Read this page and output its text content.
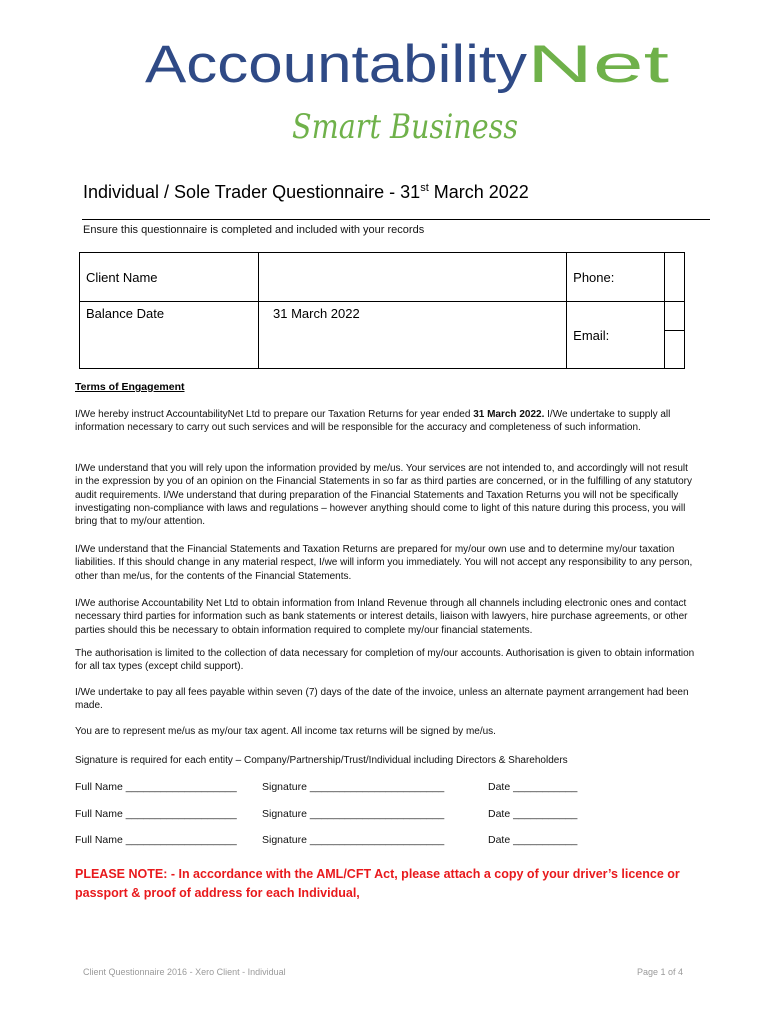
Accountability Net
Smart Business
Individual / Sole Trader Questionnaire - 31st March 2022
Ensure this questionnaire is completed and included with your records
Client Name		Phone:	
Balance Date	31 March 2022	Email:	

Terms of Engagement
I/We hereby instruct AccountabilityNet Ltd to prepare our Taxation Returns for year ended 31 March 2022. I/We undertake to supply all information necessary to carry out such services and will be responsible for the accuracy and completeness of such information.
I/We understand that you will rely upon the information provided by me/us. Your services are not intended to, and accordingly will not result in the expression by you of an opinion on the Financial Statements in so far as third parties are concerned, or in the fulfilling of any statutory audit requirements. I/We understand that during preparation of the Financial Statements and Taxation Returns you will not be specifically investigating non-compliance with laws and regulations – however anything should come to light of this nature during this process, you will bring that to my/our attention.
I/We understand that the Financial Statements and Taxation Returns are prepared for my/our own use and to determine my/our taxation liabilities. If this should change in any material respect, I/we will inform you immediately. You will not accept any responsibility to any person, other than me/us, for the contents of the Financial Statements.
I/We authorise Accountability Net Ltd to obtain information from Inland Revenue through all channels including electronic ones and contact necessary third parties for information such as bank statements or interest details, liaison with lawyers, hire purchase agreements, or other parties should this be necessary to obtain information required to complete my/our financial statements.
The authorisation is limited to the collection of data necessary for completion of my/our accounts. Authorisation is given to obtain information for all tax types (except child support).
I/We undertake to pay all fees payable within seven (7) days of the date of the invoice, unless an alternate payment arrangement had been made.
You are to represent me/us as my/our tax agent. All income tax returns will be signed by me/us.
Signature is required for each entity – Company/Partnership/Trust/Individual including Directors & Shareholders
Full Name ___________________ Signature _______________________	Date ___________
Full Name ___________________ Signature _______________________	Date ___________
Full Name ___________________ Signature _______________________	Date ___________
PLEASE NOTE: - In accordance with the AML/CFT Act, please attach a copy of your driver’s licence or
passport & proof of address for each Individual,
Client Questionnaire 2016 - Xero Client - Individual	Page 1 of 4
